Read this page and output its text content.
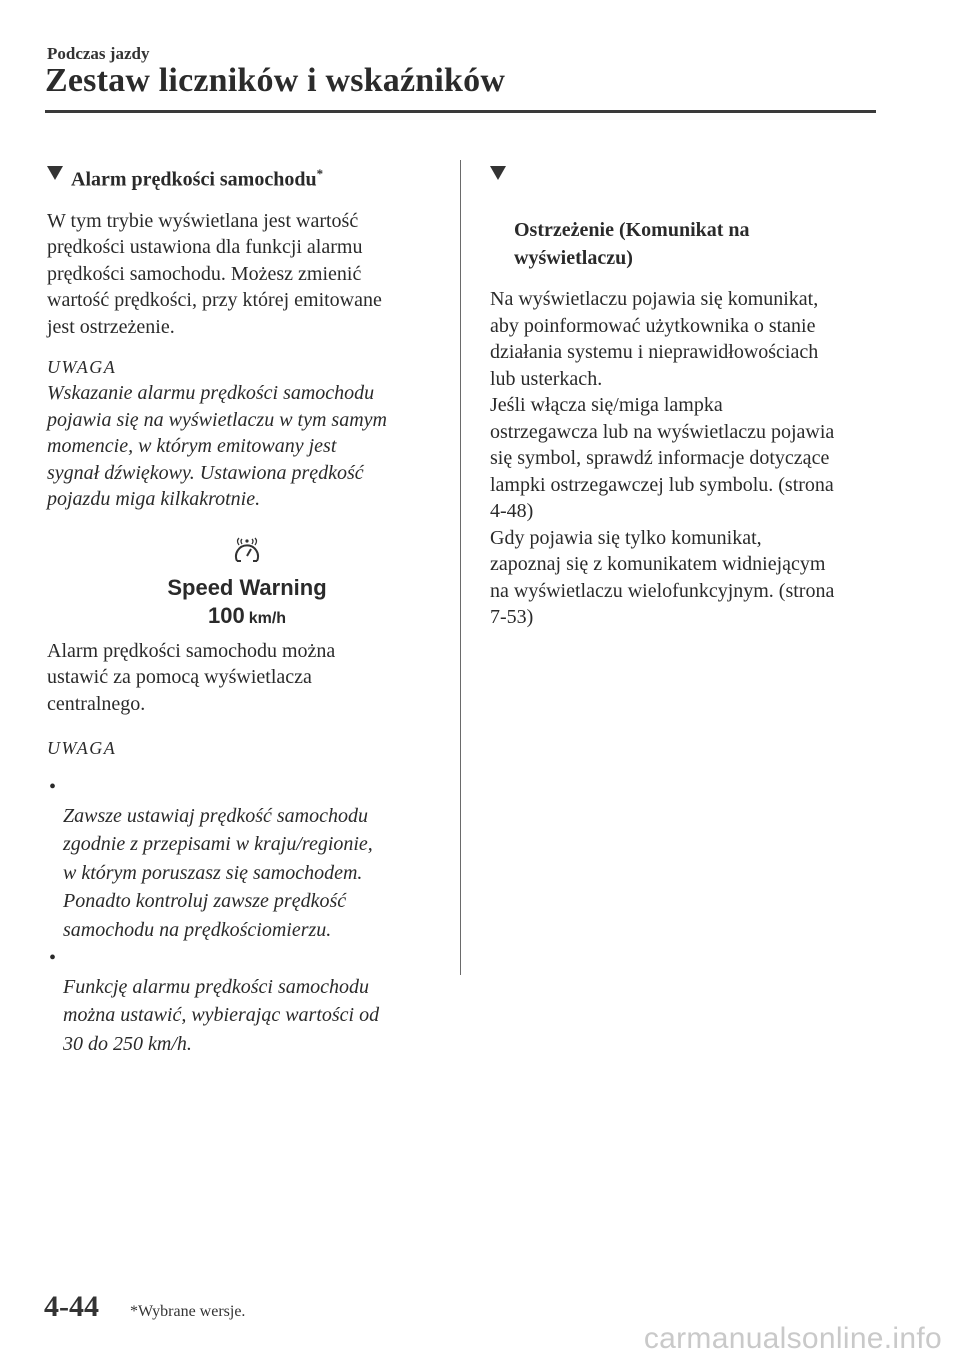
Podczas jazdy
Zestaw liczników i wskaźników
Alarm prędkości samochodu*
W tym trybie wyświetlana jest wartość
prędkości ustawiona dla funkcji alarmu
prędkości samochodu. Możesz zmienić
wartość prędkości, przy której emitowane
jest ostrzeżenie.
UWAGA
Wskazanie alarmu prędkości samochodu
pojawia się na wyświetlaczu w tym samym
momencie, w którym emitowany jest
sygnał dźwiękowy. Ustawiona prędkość
pojazdu miga kilkakrotnie.
Speed Warning
100 km/h
Alarm prędkości samochodu można
ustawić za pomocą wyświetlacza
centralnego.
UWAGA

•
Zawsze ustawiaj prędkość samochodu
zgodnie z przepisami w kraju/regionie,
w którym poruszasz się samochodem.
Ponadto kontroluj zawsze prędkość
samochodu na prędkościomierzu.

•
Funkcję alarmu prędkości samochodu
można ustawić, wybierając wartości od
30 do 250 km/h.

Ostrzeżenie (Komunikat na
wyświetlaczu)

Na wyświetlaczu pojawia się komunikat,
aby poinformować użytkownika o stanie
działania systemu i nieprawidłowościach
lub usterkach.
Jeśli włącza się/miga lampka
ostrzegawcza lub na wyświetlaczu pojawia
się symbol, sprawdź informacje dotyczące
lampki ostrzegawczej lub symbolu. (strona
4-48)
Gdy pojawia się tylko komunikat,
zapoznaj się z komunikatem widniejącym
na wyświetlaczu wielofunkcyjnym. (strona
7-53)
4-44 *Wybrane wersje.
carmanualsonline.info
